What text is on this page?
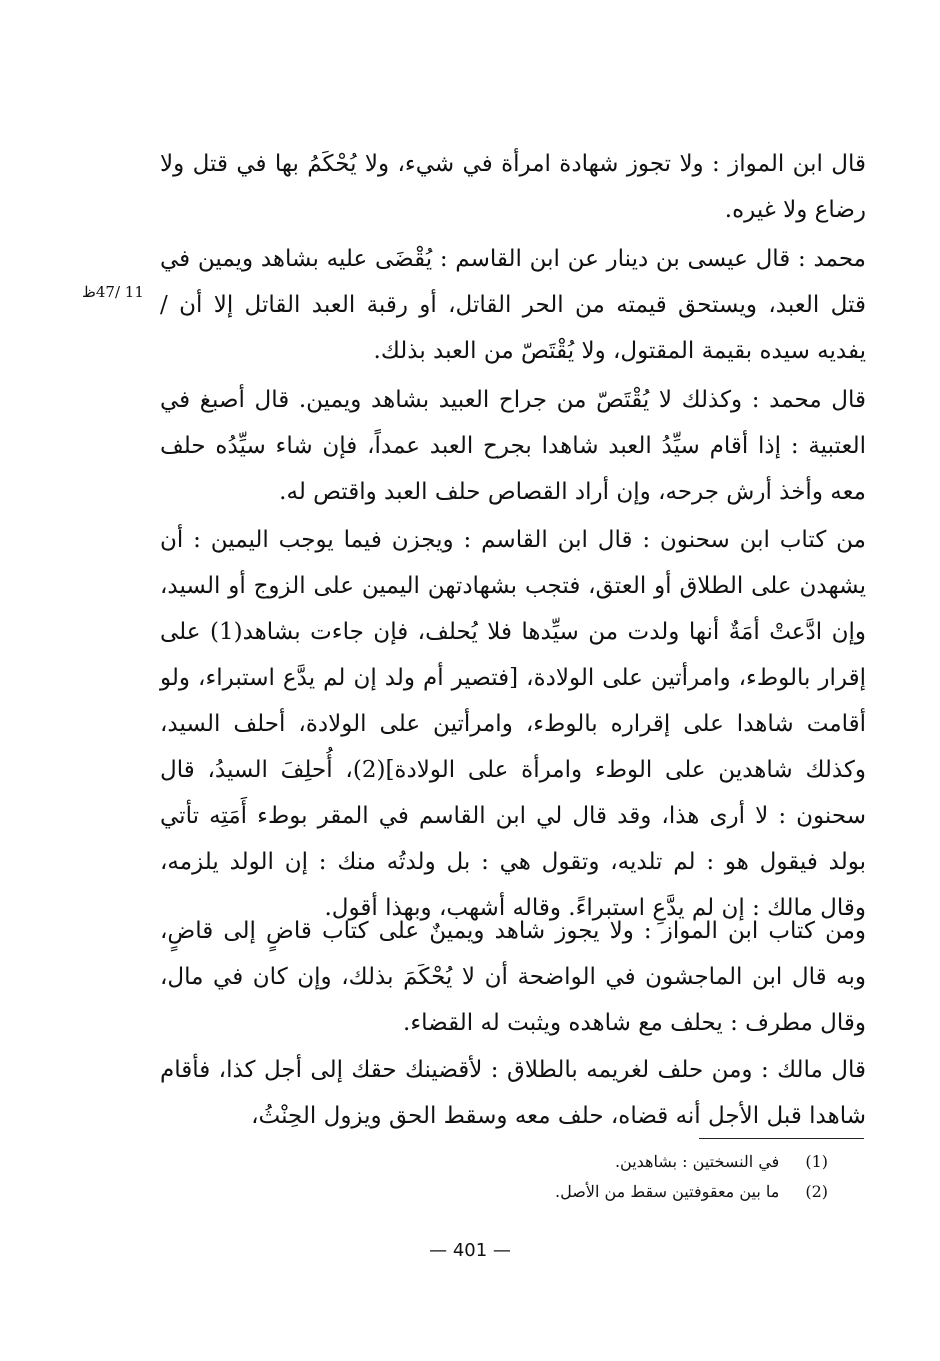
11 /47ظ

قال ابن المواز : ولا تجوز شهادة امرأة في شيء، ولا يُحْكَمُ بها في قتل ولا رضاع ولا غيره.

محمد : قال عيسى بن دينار عن ابن القاسم : يُقْضَى عليه بشاهد ويمين في قتل العبد، ويستحق قيمته من الحر القاتل، أو رقبة العبد القاتل إلا أن / يفديه سيده بقيمة المقتول، ولا يُقْتَصّ من العبد بذلك.

قال محمد : وكذلك لا يُقْتَصّ من جراح العبيد بشاهد ويمين. قال أصبغ في العتبية : إذا أقام سيِّدُ العبد شاهدا بجرح العبد عمداً، فإن شاء سيِّدُه حلف معه وأخذ أرش جرحه، وإن أراد القصاص حلف العبد واقتص له.

من كتاب ابن سحنون : قال ابن القاسم : ويجزن فيما يوجب اليمين : أن يشهدن على الطلاق أو العتق، فتجب بشهادتهن اليمين على الزوج أو السيد، وإن ادَّعتْ أمَةٌ أنها ولدت من سيِّدها فلا يُحلف، فإن جاءت بشاهد(1) على إقرار بالوطء، وامرأتين على الولادة، [فتصير أم ولد إن لم يدَّع استبراء، ولو أقامت شاهدا على إقراره بالوطء، وامرأتين على الولادة، أحلف السيد، وكذلك شاهدين على الوطء وامرأة على الولادة](2)، أُحلِفَ السيدُ، قال سحنون : لا أرى هذا، وقد قال لي ابن القاسم في المقر بوطء أَمَتِه تأتي بولد فيقول هو : لم تلديه، وتقول هي : بل ولدتُه منك : إن الولد يلزمه، وقال مالك : إن لم يدَّعِ استبراءً. وقاله أشهب، وبهذا أقول.

ومن كتاب ابن المواز : ولا يجوز شاهد ويمينٌ على كتاب قاضٍ إلى قاضٍ، وبه قال ابن الماجشون في الواضحة أن لا يُحْكَمَ بذلك، وإن كان في مال، وقال مطرف : يحلف مع شاهده ويثبت له القضاء.

قال مالك : ومن حلف لغريمه بالطلاق : لأقضينك حقك إلى أجل كذا، فأقام شاهدا قبل الأجل أنه قضاه، حلف معه وسقط الحق ويزول الحِنْثُ،

(1)في النسختين : بشاهدين.
(2)ما بين معقوفتين سقط من الأصل.
— 401 —
